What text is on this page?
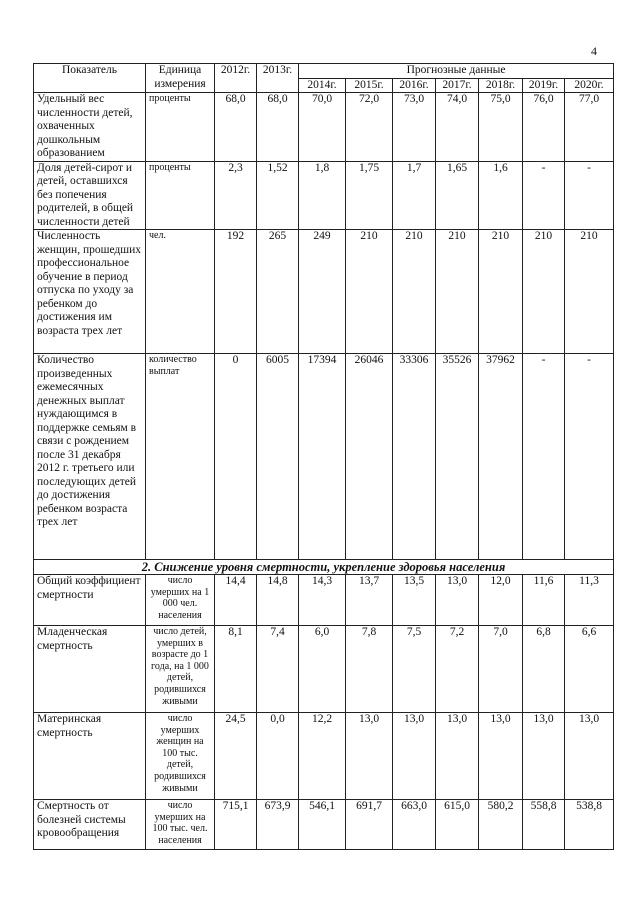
4
Показатель	Единица измерения	2012г.	2013г.	Прогнозные данные						
				2014г.	2015г.	2016г.	2017г.	2018г.	2019г.	2020г.
Удельный вес численности детей, охваченных дошкольным образованием	проценты	68,0	68,0	70,0	72,0	73,0	74,0	75,0	76,0	77,0
Доля детей-сирот и детей, оставшихся без попечения родителей, в общей численности детей	проценты	2,3	1,52	1,8	1,75	1,7	1,65	1,6	-	-
Численность женщин, прошедших профессиональное обучение в период отпуска по уходу за ребенком до достижения им возраста трех лет	чел.	192	265	249	210	210	210	210	210	210
Количество произведенных ежемесячных денежных выплат нуждающимся в поддержке семьям в связи с рождением после 31 декабря 2012 г. третьего или последующих детей до достижения ребенком возраста трех лет	количество выплат	0	6005	17394	26046	33306	35526	37962	-	-
2. Снижение уровня смертности, укрепление здоровья населения										
Общий коэффициент смертности	число умерших на 1 000 чел. населения	14,4	14,8	14,3	13,7	13,5	13,0	12,0	11,6	11,3
Младенческая смертность	число детей, умерших в возрасте до 1 года, на 1 000 детей, родившихся живыми	8,1	7,4	6,0	7,8	7,5	7,2	7,0	6,8	6,6
Материнская смертность	число умерших женщин на 100 тыс. детей, родившихся живыми	24,5	0,0	12,2	13,0	13,0	13,0	13,0	13,0	13,0
Смертность от болезней системы кровообращения	число умерших на 100 тыс. чел. населения	715,1	673,9	546,1	691,7	663,0	615,0	580,2	558,8	538,8
